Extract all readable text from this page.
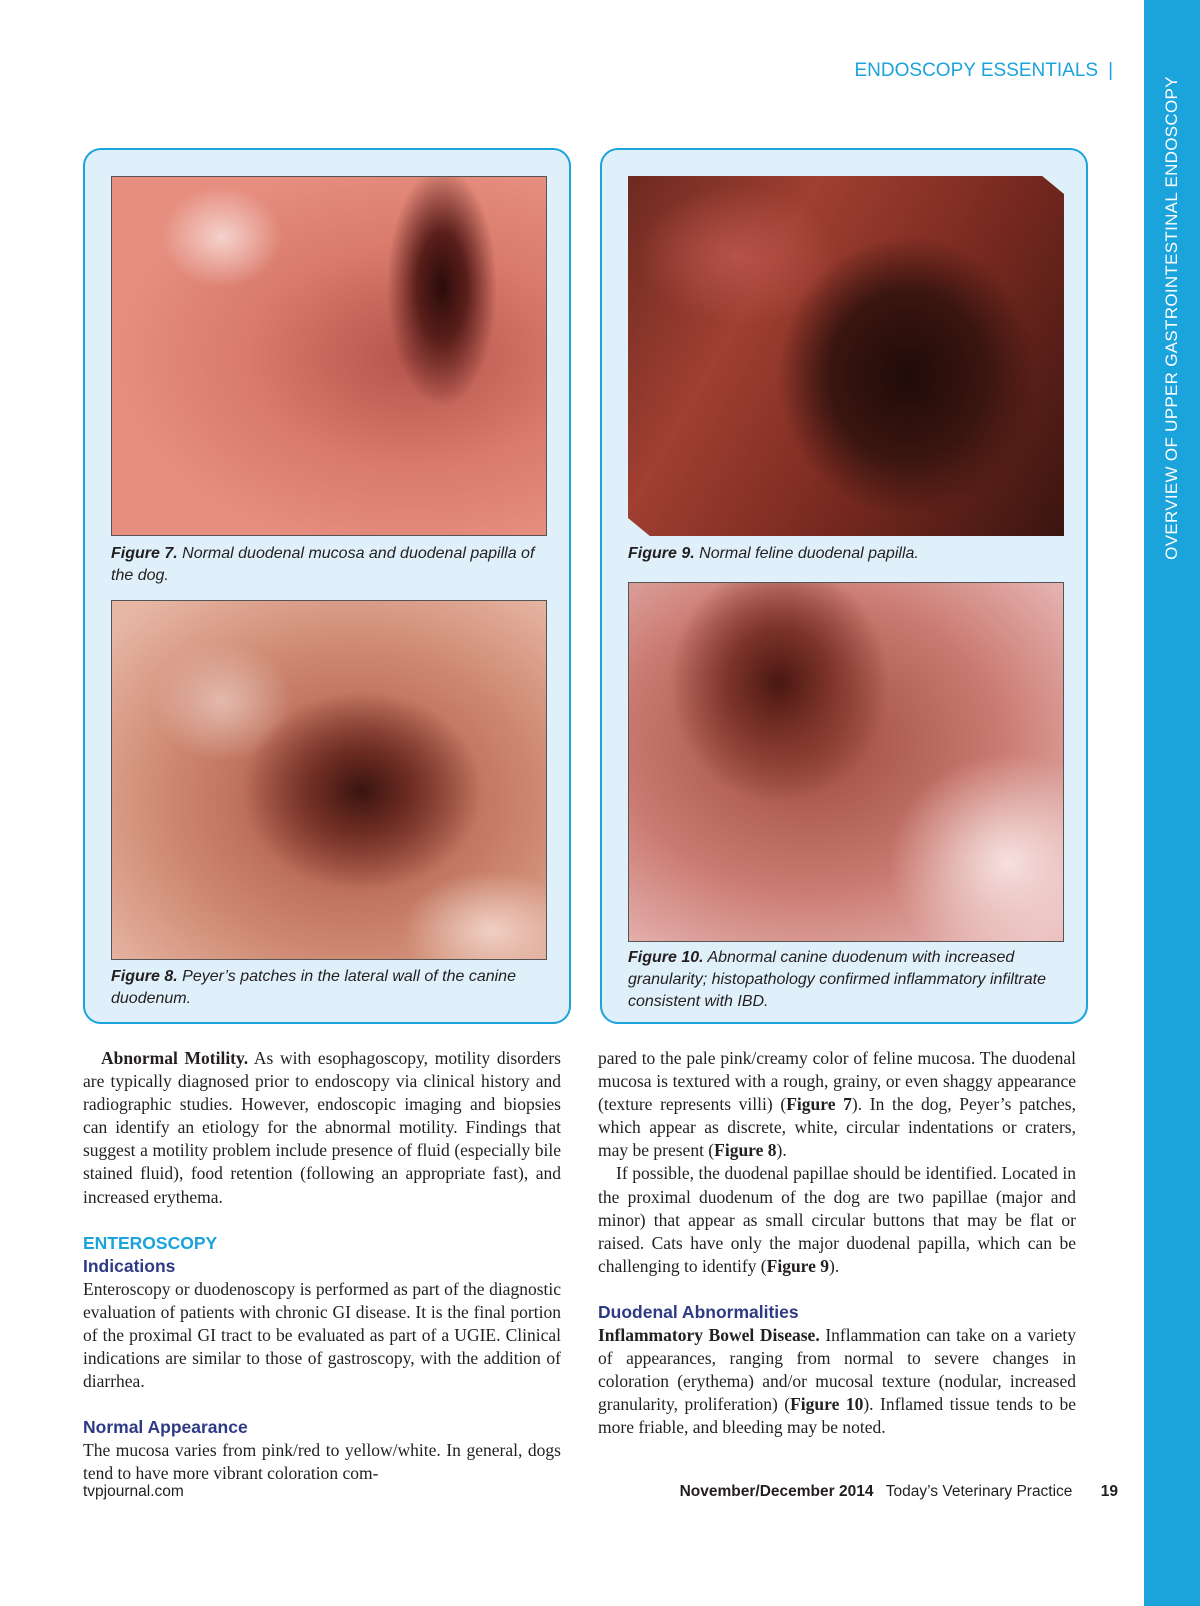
OVERVIEW OF UPPER GASTROINTESTINAL ENDOSCOPY
ENDOSCOPY ESSENTIALS |

Figure 7. Normal duodenal mucosa and duodenal papilla of the dog.

Figure 8. Peyer’s patches in the lateral wall of the canine duodenum.

Figure 9. Normal feline duodenal papilla.

Figure 10. Abnormal canine duodenum with increased granularity; histopathology confirmed inflammatory infiltrate consistent with IBD.

Abnormal Motility. As with esophagoscopy, motility disorders are typically diagnosed prior to endoscopy via clinical history and radiographic studies. However, endoscopic imaging and biopsies can identify an etiology for the abnormal motility. Findings that suggest a motility problem include presence of fluid (especially bile stained fluid), food retention (following an appropriate fast), and increased erythema.

ENTEROSCOPY
Indications

Enteroscopy or duodenoscopy is performed as part of the diagnostic evaluation of patients with chronic GI disease. It is the final portion of the proximal GI tract to be evaluated as part of a UGIE. Clinical indications are similar to those of gastroscopy, with the addition of diarrhea.

Normal Appearance

The mucosa varies from pink/red to yellow/white. In general, dogs tend to have more vibrant coloration com-

pared to the pale pink/creamy color of feline mucosa. The duodenal mucosa is textured with a rough, grainy, or even shaggy appearance (texture represents villi) (Figure 7). In the dog, Peyer’s patches, which appear as discrete, white, circular indentations or craters, may be present (Figure 8).

If possible, the duodenal papillae should be identified. Located in the proximal duodenum of the dog are two papillae (major and minor) that appear as small circular buttons that may be flat or raised. Cats have only the major duodenal papilla, which can be challenging to identify (Figure 9).

Duodenal Abnormalities

Inflammatory Bowel Disease. Inflammation can take on a variety of appearances, ranging from normal to severe changes in coloration (erythema) and/or mucosal texture (nodular, increased granularity, proliferation) (Figure 10). Inflamed tissue tends to be more friable, and bleeding may be noted.

tvpjournal.com	November/December 2014 Today’s Veterinary Practice 19
